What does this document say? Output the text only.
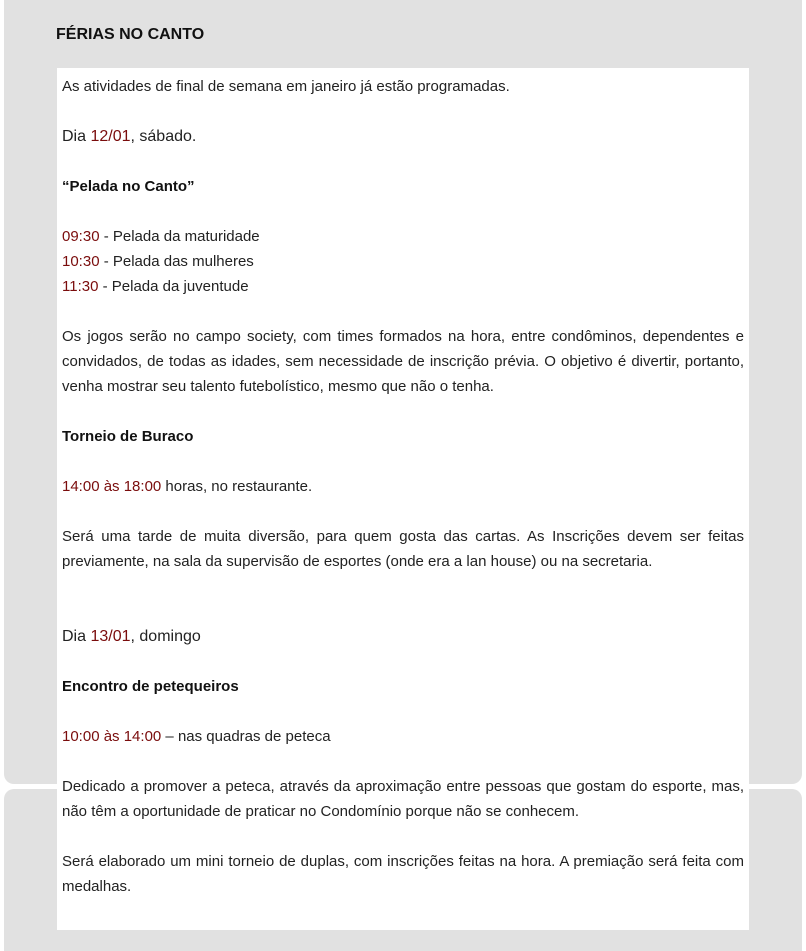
FÉRIAS NO CANTO

As atividades de final de semana em janeiro já estão programadas.

Dia 12/01, sábado.

“Pelada no Canto”

09:30 - Pelada da maturidade
10:30 - Pelada das mulheres
11:30 - Pelada da juventude

Os jogos serão no campo society, com times formados na hora, entre condôminos, dependentes e convidados, de todas as idades, sem necessidade de inscrição prévia. O objetivo é divertir, portanto, venha mostrar seu talento futebolístico, mesmo que não o tenha.

Torneio de Buraco

14:00 às 18:00 horas, no restaurante.

Será uma tarde de muita diversão, para quem gosta das cartas. As Inscrições devem ser feitas previamente, na sala da supervisão de esportes (onde era a lan house) ou na secretaria.

Dia 13/01, domingo

Encontro de petequeiros

10:00 às 14:00 – nas quadras de peteca

Dedicado a promover a peteca, através da aproximação entre pessoas que gostam do esporte, mas, não têm a oportunidade de praticar no Condomínio porque não se conhecem.

Será elaborado um mini torneio de duplas, com inscrições feitas na hora. A premiação será feita com medalhas.
